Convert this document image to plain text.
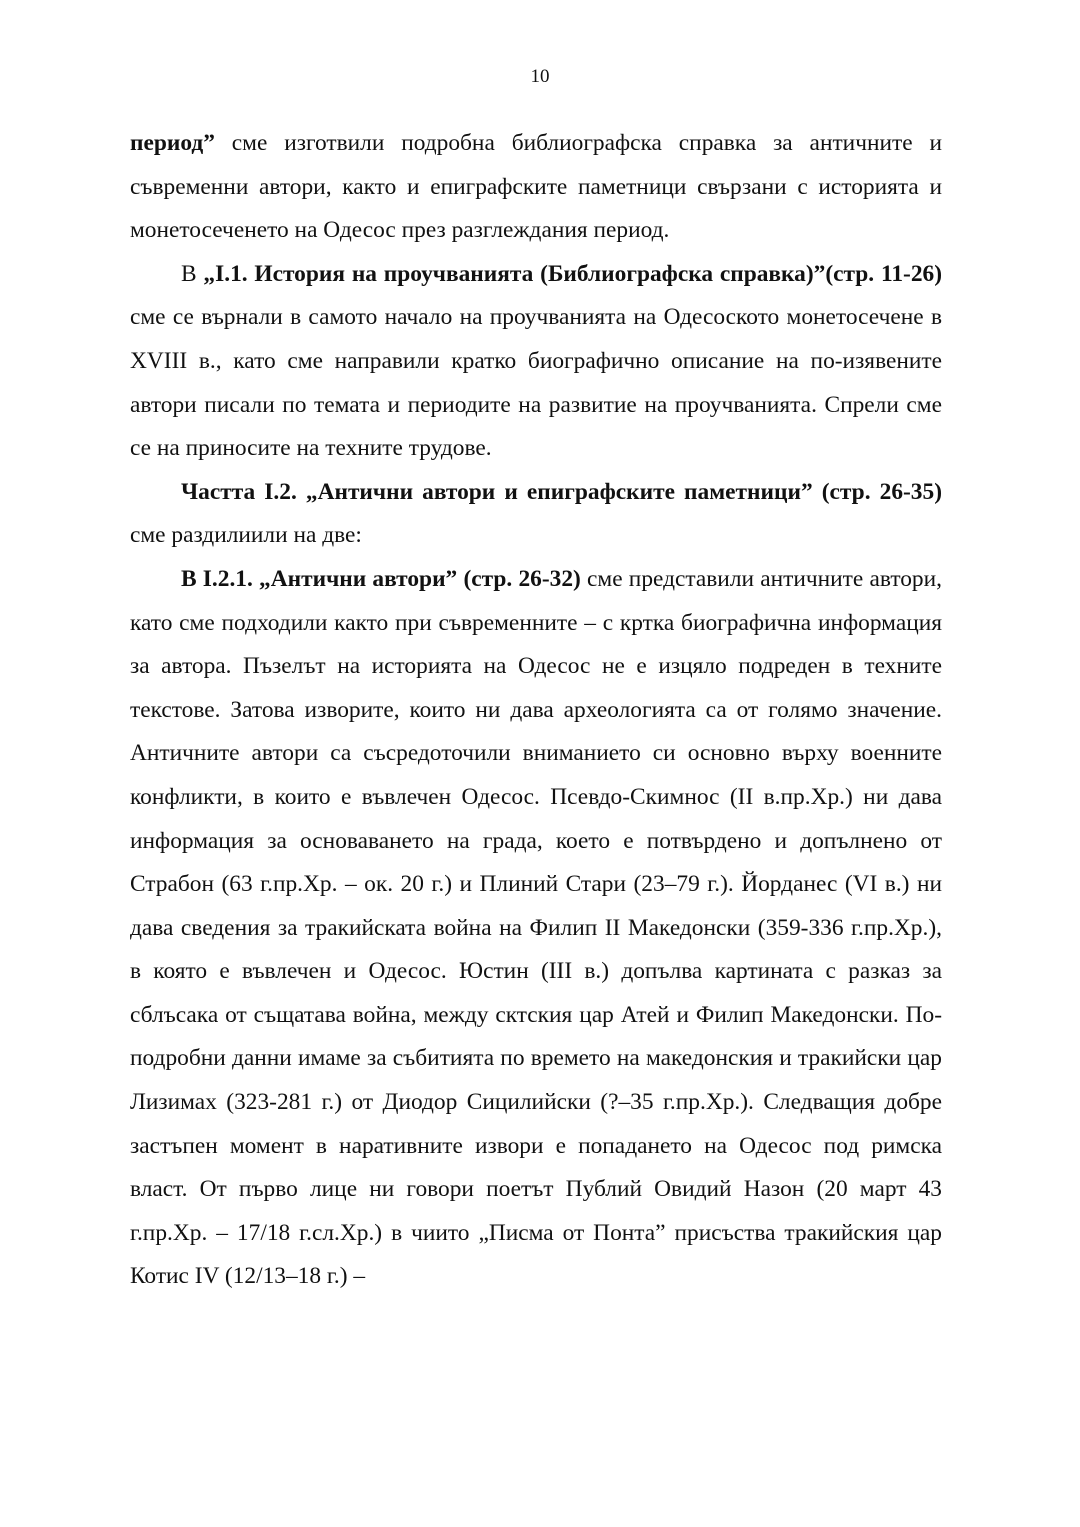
10

период” сме изготвили подробна библиографска справка за античните и съвременни автори, както и епиграфските паметници свързани с историята и монетосеченето на Одесос през разглеждания период.

В „I.1. История на проучванията (Библиографска справка)”(стр. 11-26) сме се върнали в самото начало на проучванията на Одесоското монетосечене в XVIII в., като сме направили кратко биографично описание на по-изявените автори писали по темата и периодите на развитие на проучванията. Спрели сме се на приносите на техните трудове.

Частта I.2. „Антични автори и епиграфските паметници” (стр. 26-35) сме раздилиили на две:

В I.2.1. „Антични автори” (стр. 26-32) сме представили античните автори, като сме подходили както при съвременните – с кртка биографична информация за автора. Пъзелът на историята на Одесос не е изцяло подреден в техните текстове. Затова изворите, които ни дава археологията са от голямо значение. Античните автори са съсредоточили вниманието си основно върху военните конфликти, в които е въвлечен Одесос. Псевдо-Скимнос (II в.пр.Хр.) ни дава информация за основаването на града, което е потвърдено и допълнено от Страбон (63 г.пр.Хр. – ок. 20 г.) и Плиний Стари (23–79 г.). Йорданес (VI в.) ни дава сведения за тракийската война на Филип II Македонски (359-336 г.пр.Хр.), в която е въвлечен и Одесос. Юстин (III в.) допълва картината с разказ за сблъсака от същатава война, между сктския цар Атей и Филип Македонски. По-подробни данни имаме за събитията по времето на македонския и тракийски цар Лизимах (323-281 г.) от Диодор Сицилийски (?–35 г.пр.Хр.). Следващия добре застъпен момент в наративните извори е попадането на Одесос под римска власт. От първо лице ни говори поетът Публий Овидий Назон (20 март 43 г.пр.Хр. – 17/18 г.сл.Хр.) в чиито „Писма от Понта” присъства тракийския цар Котис IV (12/13–18 г.) –
